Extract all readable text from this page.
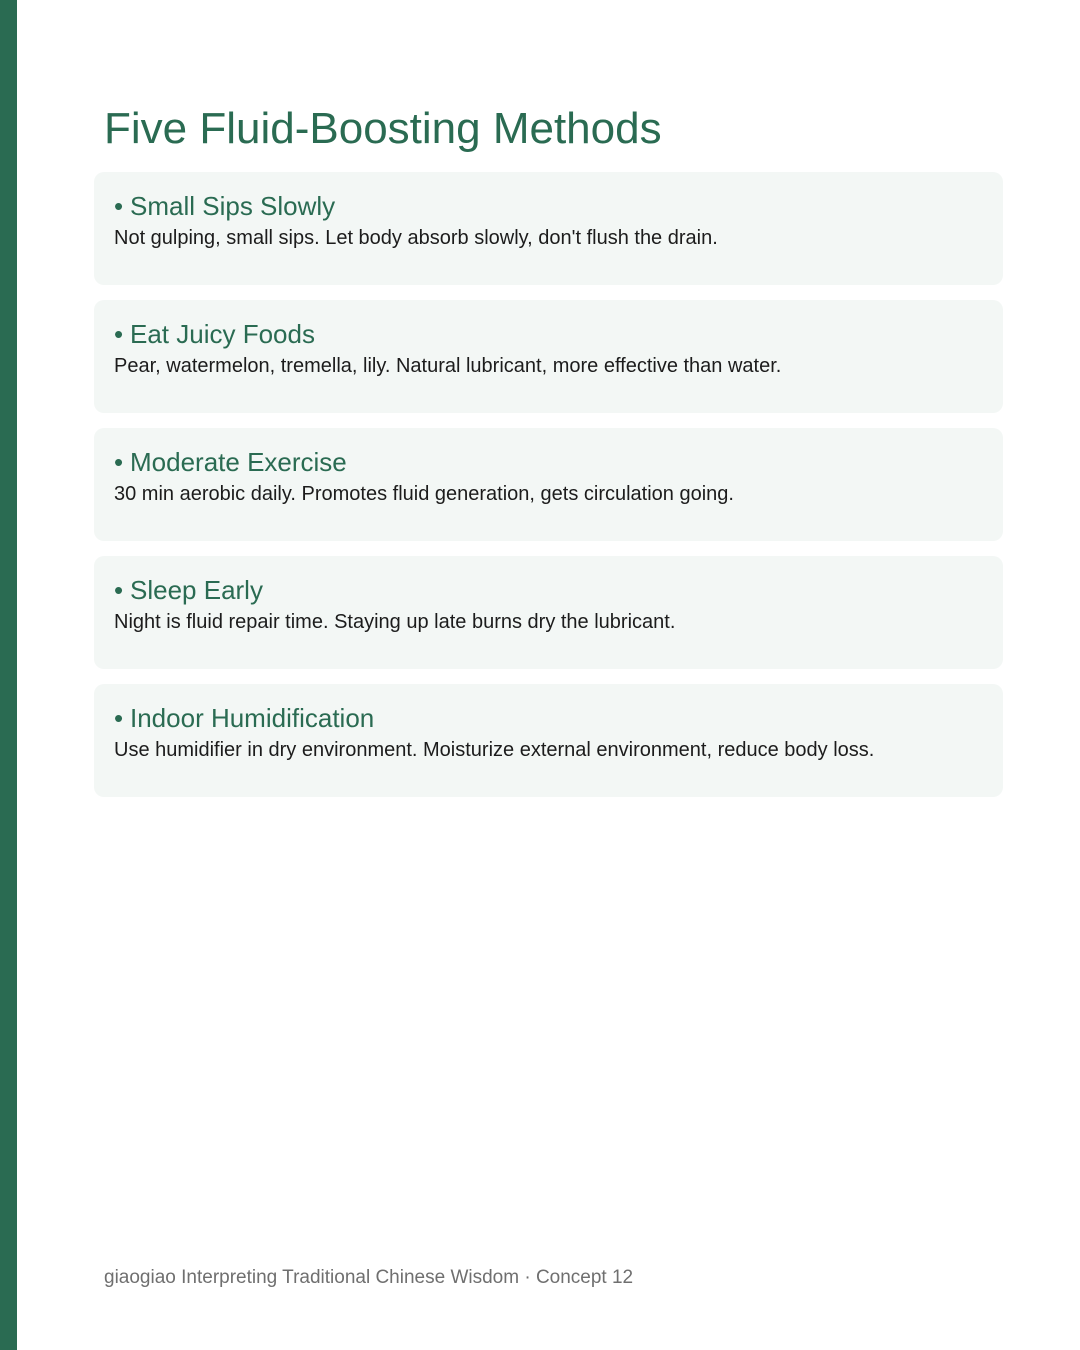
Five Fluid-Boosting Methods
• Small Sips Slowly
Not gulping, small sips. Let body absorb slowly, don't flush the drain.
• Eat Juicy Foods
Pear, watermelon, tremella, lily. Natural lubricant, more effective than water.
• Moderate Exercise
30 min aerobic daily. Promotes fluid generation, gets circulation going.
• Sleep Early
Night is fluid repair time. Staying up late burns dry the lubricant.
• Indoor Humidification
Use humidifier in dry environment. Moisturize external environment, reduce body loss.
giaogiao Interpreting Traditional Chinese Wisdom · Concept 12
